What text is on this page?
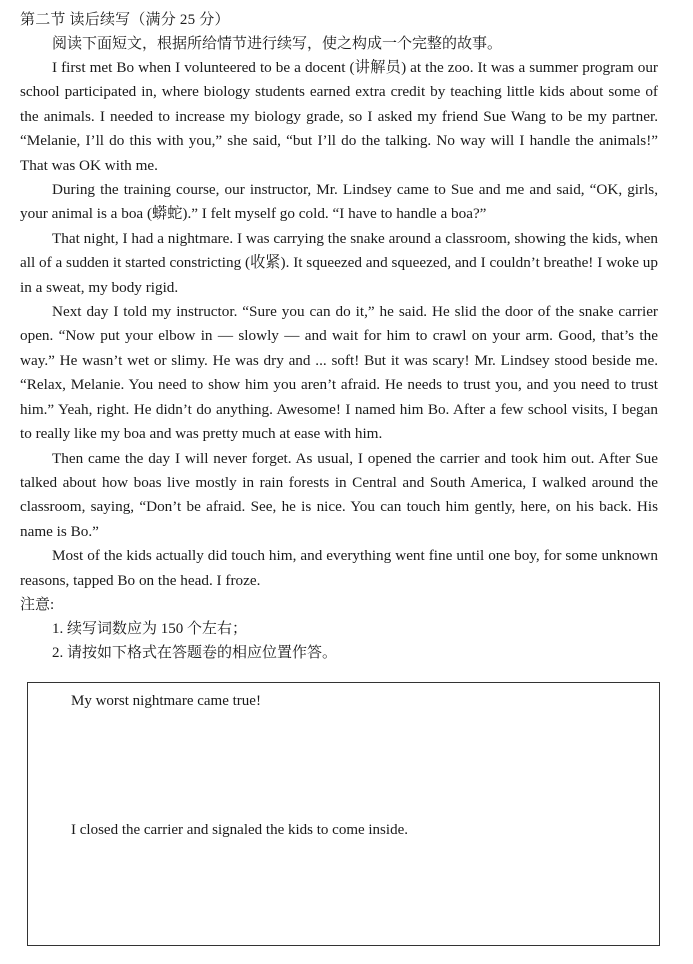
第二节 读后续写（满分 25 分）

阅读下面短文，根据所给情节进行续写，使之构成一个完整的故事。

I first met Bo when I volunteered to be a docent (讲解员) at the zoo. It was a summer program our school participated in, where biology students earned extra credit by teaching little kids about some of the animals. I needed to increase my biology grade, so I asked my friend Sue Wang to be my partner. “Melanie, I’ll do this with you,” she said, “but I’ll do the talking. No way will I handle the animals!” That was OK with me.

During the training course, our instructor, Mr. Lindsey came to Sue and me and said, “OK, girls, your animal is a boa (蟒蛇).” I felt myself go cold. “I have to handle a boa?”

That night, I had a nightmare. I was carrying the snake around a classroom, showing the kids, when all of a sudden it started constricting (收紧). It squeezed and squeezed, and I couldn’t breathe! I woke up in a sweat, my body rigid.

Next day I told my instructor. “Sure you can do it,” he said. He slid the door of the snake carrier open. “Now put your elbow in — slowly — and wait for him to crawl on your arm. Good, that’s the way.” He wasn’t wet or slimy. He was dry and ... soft! But it was scary! Mr. Lindsey stood beside me. “Relax, Melanie. You need to show him you aren’t afraid. He needs to trust you, and you need to trust him.” Yeah, right. He didn’t do anything. Awesome! I named him Bo. After a few school visits, I began to really like my boa and was pretty much at ease with him.

Then came the day I will never forget. As usual, I opened the carrier and took him out. After Sue talked about how boas live mostly in rain forests in Central and South America, I walked around the classroom, saying, “Don’t be afraid. See, he is nice. You can touch him gently, here, on his back. His name is Bo.”

Most of the kids actually did touch him, and everything went fine until one boy, for some unknown reasons, tapped Bo on the head. I froze.

注意:

1. 续写词数应为 150 个左右；
2. 请按如下格式在答题卷的相应位置作答。

My worst nightmare came true!

I closed the carrier and signaled the kids to come inside.
